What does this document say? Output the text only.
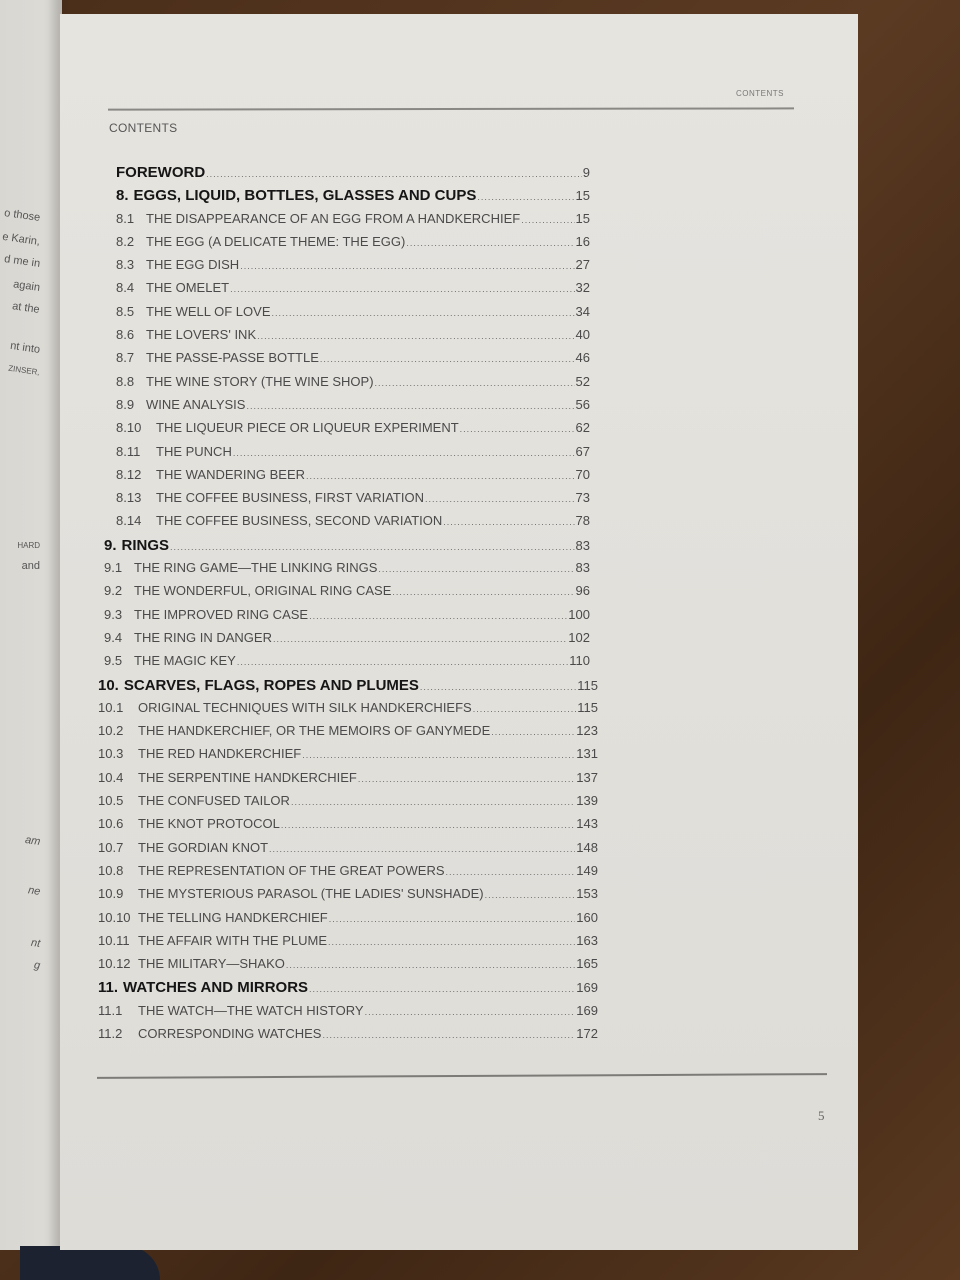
o those
e Karin,
d me in
again
at the
nt into
ZINSER,
HARD
and
am
ne
nt
g
CONTENTS
CONTENTS
FOREWORD .....	9
8. EGGS, LIQUID, BOTTLES, GLASSES AND CUPS .....	15
8.1 THE DISAPPEARANCE OF AN EGG FROM A HANDKERCHIEF .....	15
8.2 THE EGG (A DELICATE THEME: THE EGG) .....	16
8.3 THE EGG DISH .....	27
8.4 THE OMELET .....	32
8.5 THE WELL OF LOVE .....	34
8.6 THE LOVERS' INK .....	40
8.7 THE PASSE-PASSE BOTTLE .....	46
8.8 THE WINE STORY (THE WINE SHOP) .....	52
8.9 WINE ANALYSIS .....	56
8.10	THE LIQUEUR PIECE OR LIQUEUR EXPERIMENT .....	62
8.11	THE PUNCH .....	67
8.12	THE WANDERING BEER .....	70
8.13	THE COFFEE BUSINESS, FIRST VARIATION .....	73
8.14	THE COFFEE BUSINESS, SECOND VARIATION .....	78
9. RINGS .....	83
9.1 THE RING GAME—THE LINKING RINGS .....	83
9.2 THE WONDERFUL, ORIGINAL RING CASE .....	96
9.3 THE IMPROVED RING CASE .....	100
9.4 THE RING IN DANGER .....	102
9.5 THE MAGIC KEY .....	110
10. SCARVES, FLAGS, ROPES AND PLUMES .....	115
10.1	ORIGINAL TECHNIQUES WITH SILK HANDKERCHIEFS .....	115
10.2	THE HANDKERCHIEF, OR THE MEMOIRS OF GANYMEDE .....	123
10.3	THE RED HANDKERCHIEF .....	131
10.4	THE SERPENTINE HANDKERCHIEF .....	137
10.5	THE CONFUSED TAILOR .....	139
10.6	THE KNOT PROTOCOL .....	143
10.7	THE GORDIAN KNOT .....	148
10.8	THE REPRESENTATION OF THE GREAT POWERS .....	149
10.9	THE MYSTERIOUS PARASOL (THE LADIES' SUNSHADE) .....	153
10.10 THE TELLING HANDKERCHIEF .....	160
10.11 THE AFFAIR WITH THE PLUME .....	163
10.12 THE MILITARY—SHAKO .....	165
11. WATCHES AND MIRRORS .....	169
11.1	THE WATCH—THE WATCH HISTORY .....	169
11.2	CORRESPONDING WATCHES .....	172
5
